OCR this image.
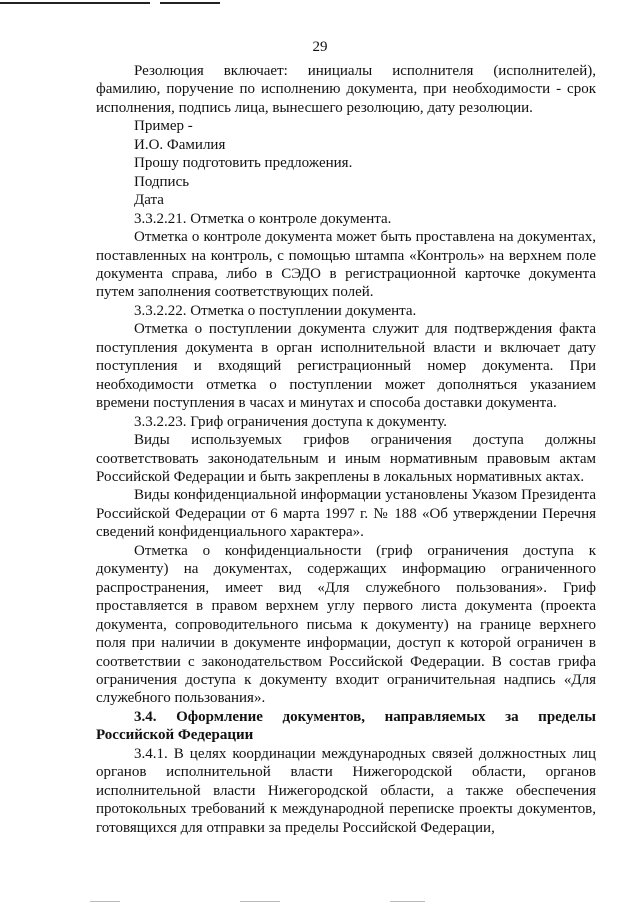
29

Резолюция включает: инициалы исполнителя (исполнителей), фамилию, поручение по исполнению документа, при необходимости - срок исполнения, подпись лица, вынесшего резолюцию, дату резолюции.

Пример -

И.О. Фамилия

Прошу подготовить предложения.

Подпись

Дата

3.3.2.21. Отметка о контроле документа.

Отметка о контроле документа может быть проставлена на документах, поставленных на контроль, с помощью штампа «Контроль» на верхнем поле документа справа, либо в СЭДО в регистрационной карточке документа путем заполнения соответствующих полей.

3.3.2.22. Отметка о поступлении документа.

Отметка о поступлении документа служит для подтверждения факта поступления документа в орган исполнительной власти и включает дату поступления и входящий регистрационный номер документа. При необходимости отметка о поступлении может дополняться указанием времени поступления в часах и минутах и способа доставки документа.

3.3.2.23. Гриф ограничения доступа к документу.

Виды используемых грифов ограничения доступа должны соответствовать законодательным и иным нормативным правовым актам Российской Федерации и быть закреплены в локальных нормативных актах.

Виды конфиденциальной информации установлены Указом Президента Российской Федерации от 6 марта 1997 г. № 188 «Об утверждении Перечня сведений конфиденциального характера».

Отметка о конфиденциальности (гриф ограничения доступа к документу) на документах, содержащих информацию ограниченного распространения, имеет вид «Для служебного пользования». Гриф проставляется в правом верхнем углу первого листа документа (проекта документа, сопроводительного письма к документу) на границе верхнего поля при наличии в документе информации, доступ к которой ограничен в соответствии с законодательством Российской Федерации. В состав грифа ограничения доступа к документу входит ограничительная надпись «Для служебного пользования».

3.4. Оформление документов, направляемых за пределы Российской Федерации

3.4.1. В целях координации международных связей должностных лиц органов исполнительной власти Нижегородской области, органов исполнительной власти Нижегородской области, а также обеспечения протокольных требований к международной переписке проекты документов, готовящихся для отправки за пределы Российской Федерации,
